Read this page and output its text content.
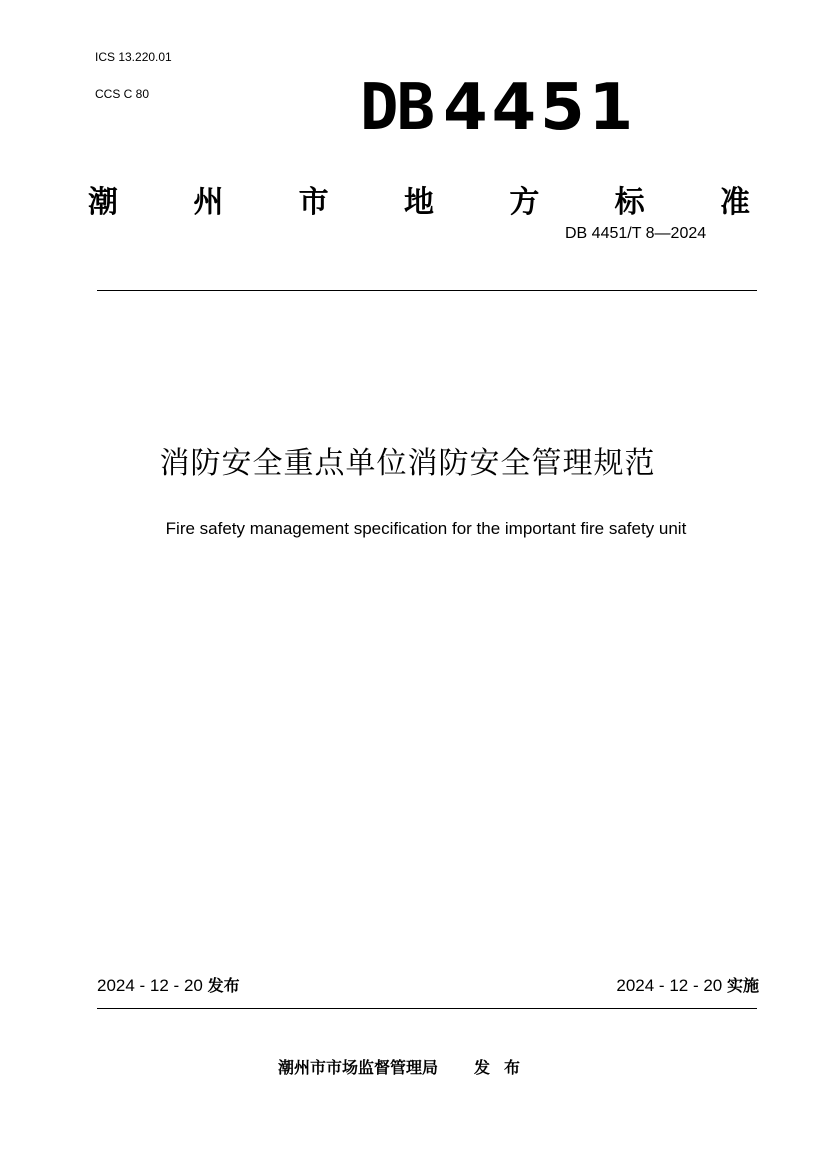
ICS 13.220.01
CCS C 80	DB 4451
潮	州	市	地	方	标	准
DB 4451/T 8—2024
消防安全重点单位消防安全管理规范
Fire safety management specification for the important fire safety unit
2024 - 12 - 20 发布	2024 - 12 - 20 实施
潮州市市场监督管理局 发布
